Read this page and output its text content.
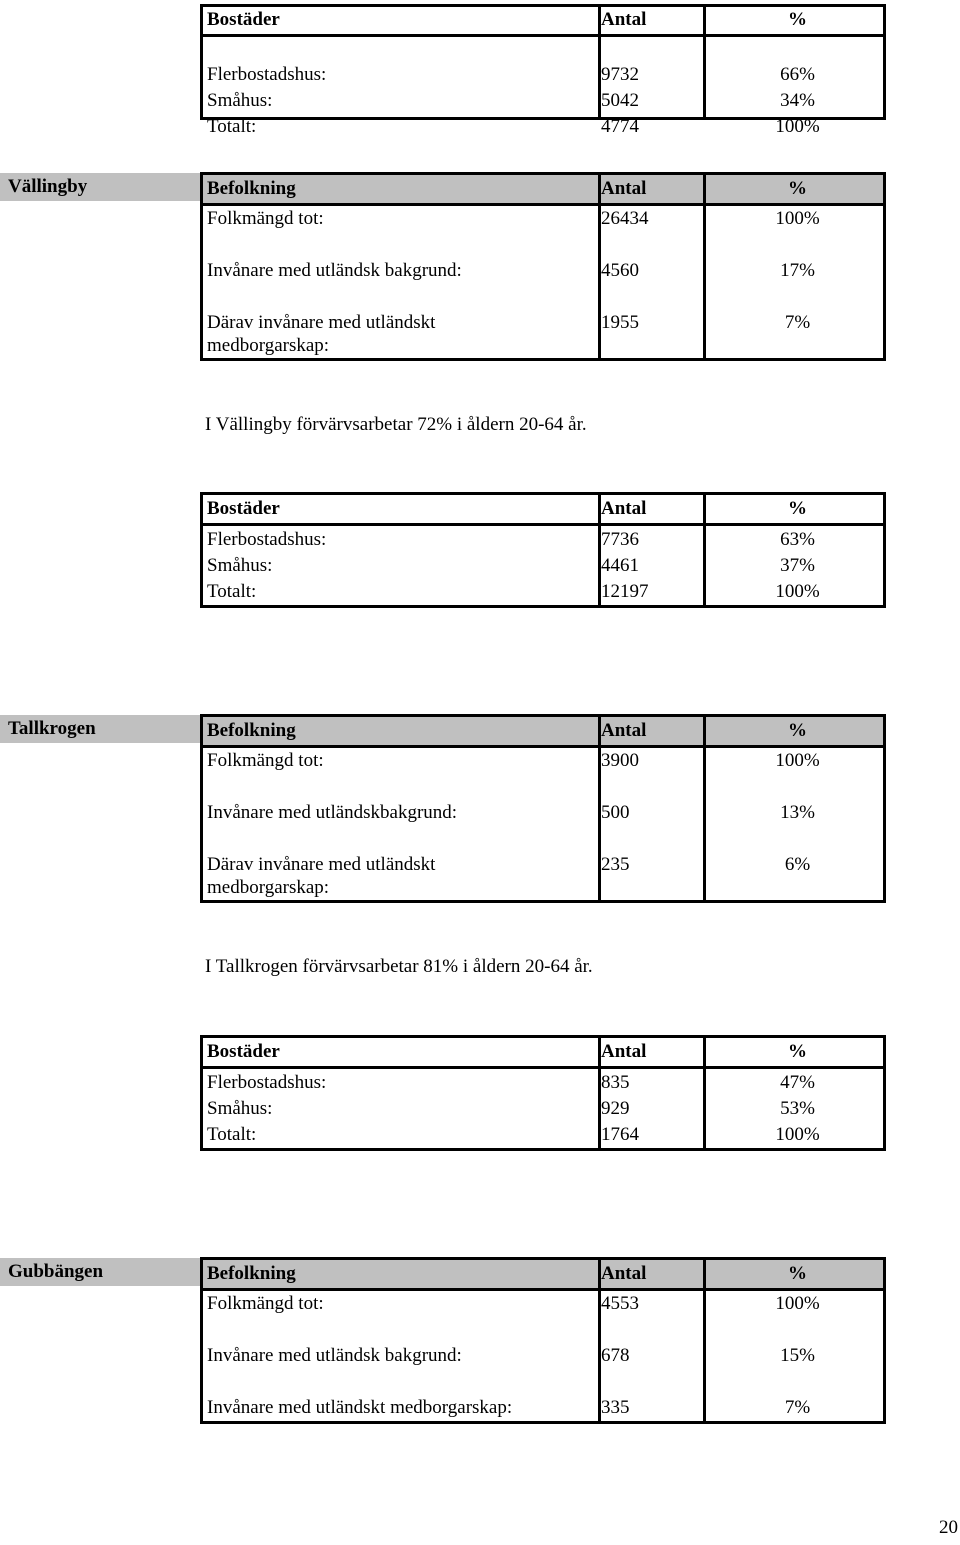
Bostäder	Antal	%
Flerbostadshus:	9732	66%
Småhus:	5042	34%
Totalt:	4774	100%
Vällingby	Befolkning	Antal	%
Folkmängd tot:	26434	100%
Invånare med utländsk bakgrund:	4560	17%
Därav invånare med utländskt	1955	7%
medborgarskap:
I Vällingby förvärvsarbetar 72% i åldern 20-64 år.
Bostäder	Antal	%
Flerbostadshus:	7736	63%
Småhus:	4461	37%
Totalt:	12197	100%
Tallkrogen	Befolkning	Antal	%
Folkmängd tot:	3900	100%
Invånare med utländskbakgrund:	500	13%
Därav invånare med utländskt	235	6%
medborgarskap:
I Tallkrogen förvärvsarbetar 81% i åldern 20-64 år.
Bostäder	Antal	%
Flerbostadshus:	835	47%
Småhus:	929	53%
Totalt:	1764	100%
Gubbängen	Befolkning	Antal	%
Folkmängd tot:	4553	100%
Invånare med utländsk bakgrund:	678	15%
Invånare med utländskt medborgarskap:	335	7%
20
